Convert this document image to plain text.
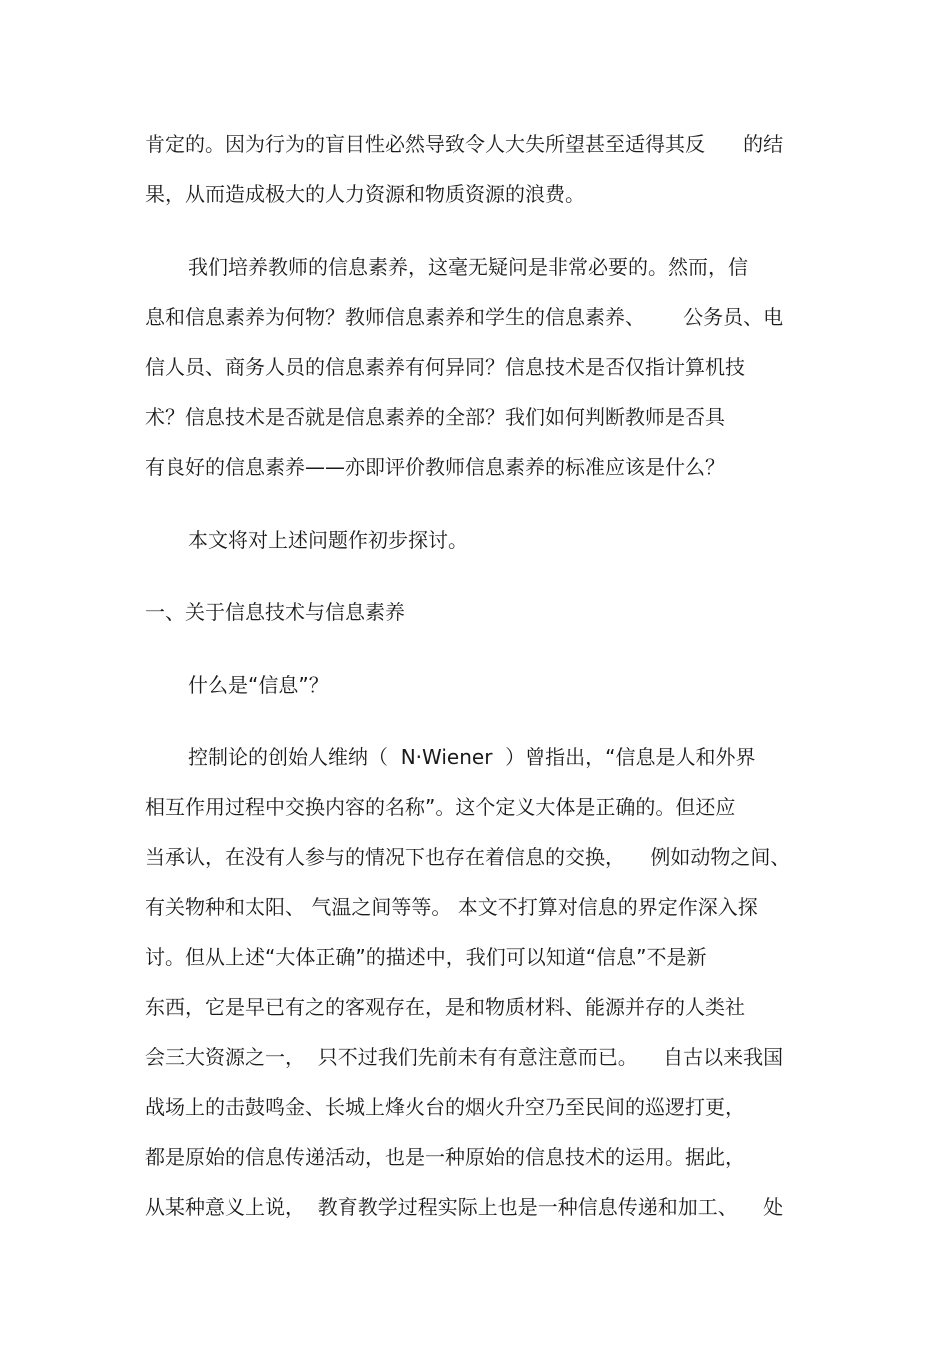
肯定的。因为行为的盲目性必然导致令人大失所望甚至适得其反      的结
果，从而造成极大的人力资源和物质资源的浪费。
我们培养教师的信息素养，这毫无疑问是非常必要的。然而，信
息和信息素养为何物？教师信息素养和学生的信息素养、      公务员、电
信人员、商务人员的信息素养有何异同？信息技术是否仅指计算机技
术？信息技术是否就是信息素养的全部？我们如何判断教师是否具
有良好的信息素养——亦即评价教师信息素养的标准应该是什么？
本文将对上述问题作初步探讨。
一、关于信息技术与信息素养
什么是“信息”？
控制论的创始人维纳（  N·Wiener  ）曾指出，“信息是人和外界
相互作用过程中交换内容的名称”。这个定义大体是正确的。但还应
当承认，在没有人参与的情况下也存在着信息的交换，    例如动物之间、
有关物种和太阳、 气温之间等等。 本文不打算对信息的界定作深入探
讨。但从上述“大体正确”的描述中，我们可以知道“信息”不是新
东西，它是早已有之的客观存在，是和物质材料、能源并存的人类社
会三大资源之一，  只不过我们先前未有有意注意而已。    自古以来我国
战场上的击鼓鸣金、长城上烽火台的烟火升空乃至民间的巡逻打更，
都是原始的信息传递活动，也是一种原始的信息技术的运用。据此，
从某种意义上说，  教育教学过程实际上也是一种信息传递和加工、    处
